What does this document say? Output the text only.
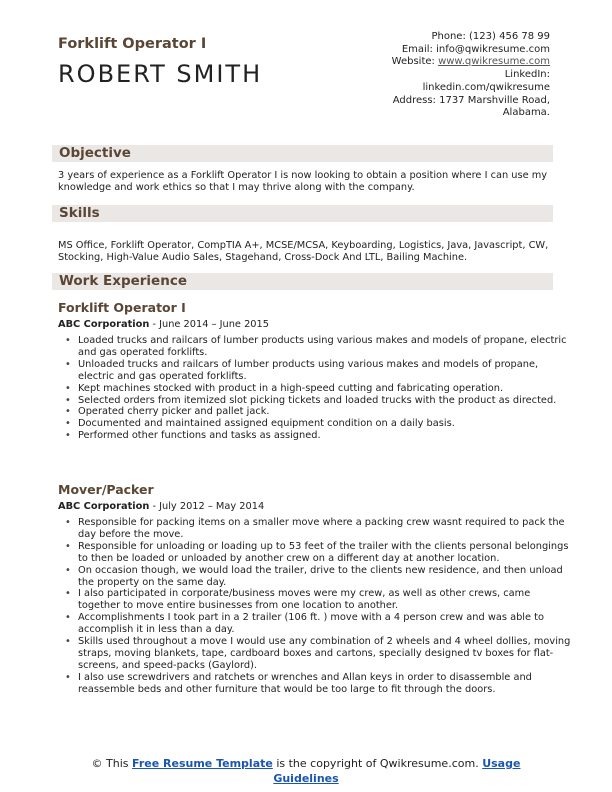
Forklift Operator I
ROBERT SMITH
Phone: (123) 456 78 99
Email: info@qwikresume.com
Website: www.qwikresume.com
LinkedIn:
linkedin.com/qwikresume
Address: 1737 Marshville Road,
Alabama.
Objective
3 years of experience as a Forklift Operator I is now looking to obtain a position where I can use my knowledge and work ethics so that I may thrive along with the company.
Skills
MS Office, Forklift Operator, CompTIA A+, MCSE/MCSA, Keyboarding, Logistics, Java, Javascript, CW, Stocking, High-Value Audio Sales, Stagehand, Cross-Dock And LTL, Bailing Machine.
Work Experience
Forklift Operator I
ABC Corporation - June 2014 – June 2015
• Loaded trucks and railcars of lumber products using various makes and models of propane, electric and gas operated forklifts.
• Unloaded trucks and railcars of lumber products using various makes and models of propane, electric and gas operated forklifts.
• Kept machines stocked with product in a high-speed cutting and fabricating operation.
• Selected orders from itemized slot picking tickets and loaded trucks with the product as directed.
• Operated cherry picker and pallet jack.
• Documented and maintained assigned equipment condition on a daily basis.
• Performed other functions and tasks as assigned.
Mover/Packer
ABC Corporation - July 2012 – May 2014
• Responsible for packing items on a smaller move where a packing crew wasnt required to pack the day before the move.
• Responsible for unloading or loading up to 53 feet of the trailer with the clients personal belongings to then be loaded or unloaded by another crew on a different day at another location.
• On occasion though, we would load the trailer, drive to the clients new residence, and then unload the property on the same day.
• I also participated in corporate/business moves were my crew, as well as other crews, came together to move entire businesses from one location to another.
• Accomplishments I took part in a 2 trailer (106 ft. ) move with a 4 person crew and was able to accomplish it in less than a day.
• Skills used throughout a move I would use any combination of 2 wheels and 4 wheel dollies, moving straps, moving blankets, tape, cardboard boxes and cartons, specially designed tv boxes for flat-screens, and speed-packs (Gaylord).
• I also use screwdrivers and ratchets or wrenches and Allan keys in order to disassemble and reassemble beds and other furniture that would be too large to fit through the doors.
© This Free Resume Template is the copyright of Qwikresume.com. Usage Guidelines
